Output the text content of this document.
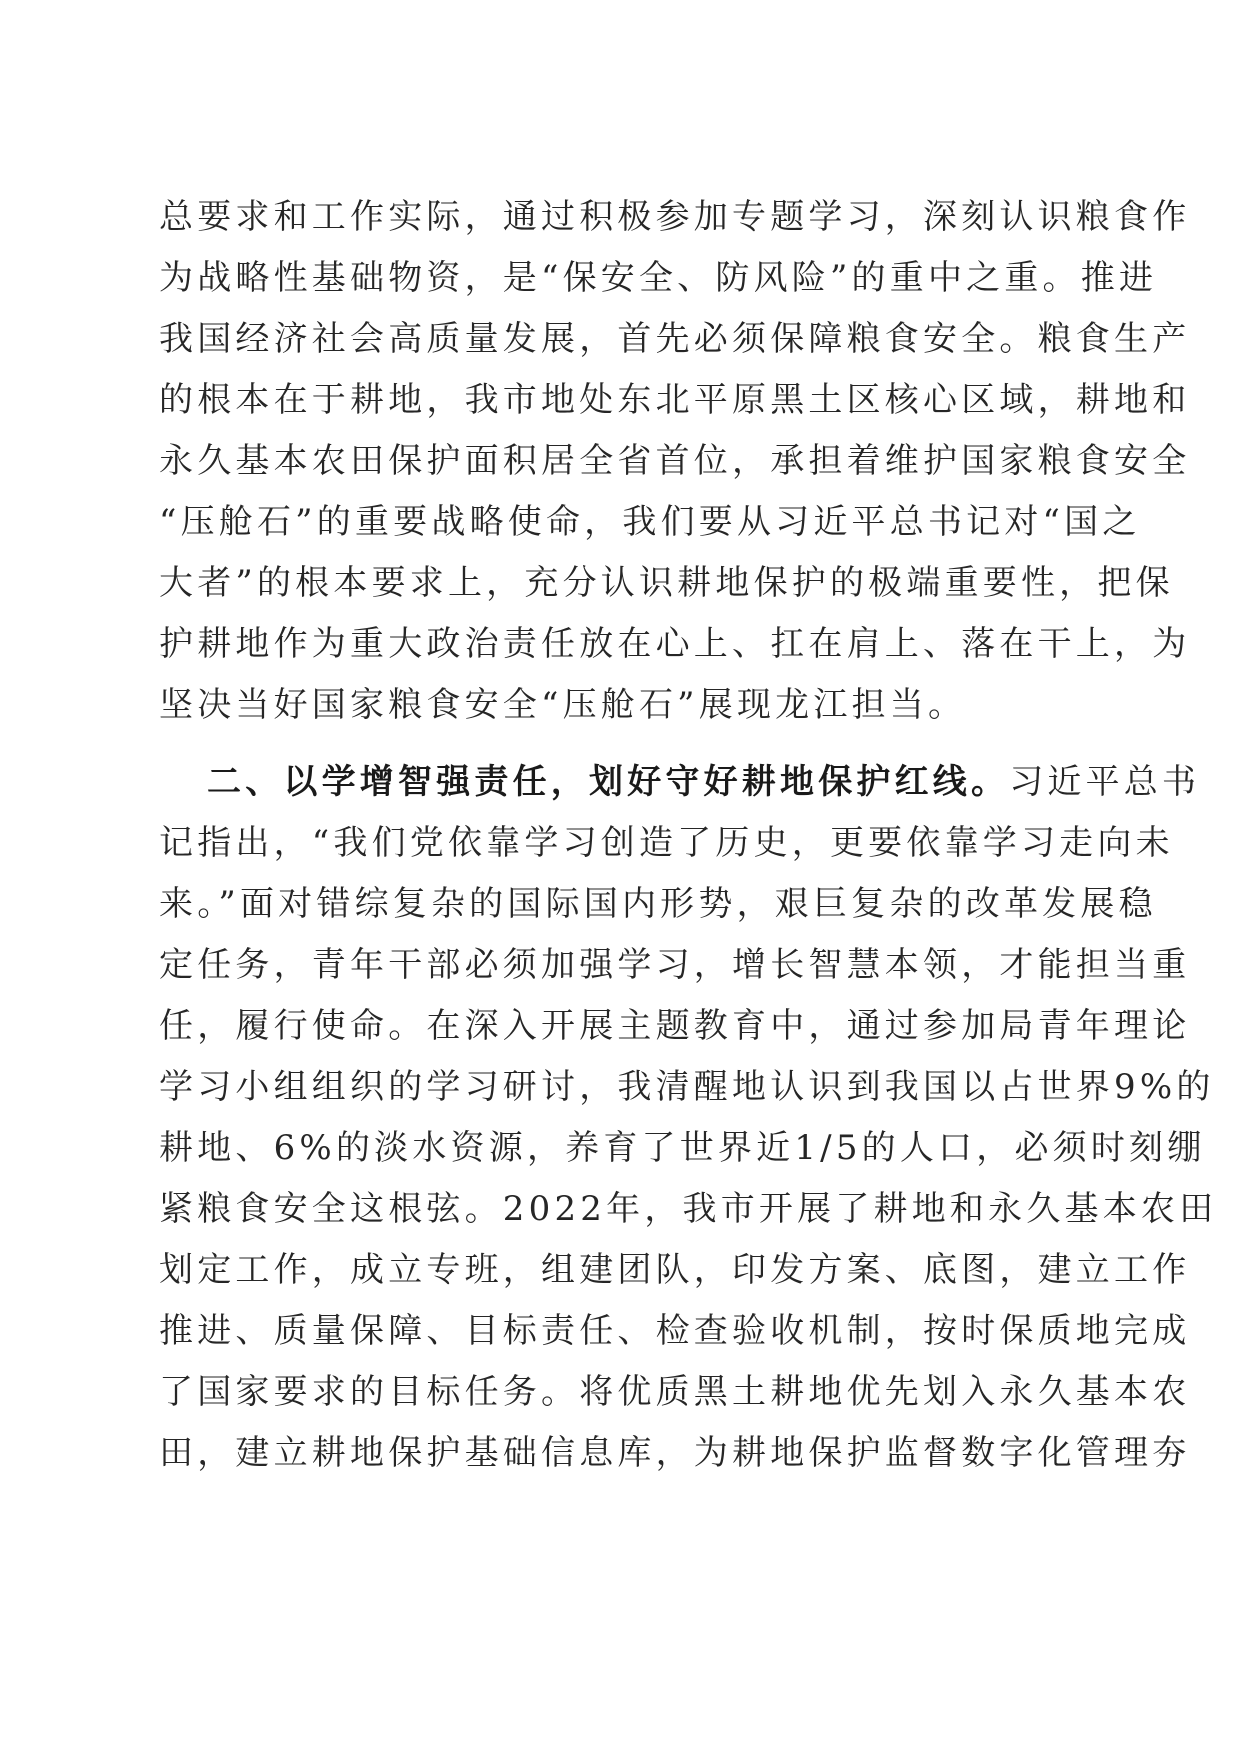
总要求和工作实际，通过积极参加专题学习，深刻认识粮食作
为战略性基础物资，是“保安全、防风险”的重中之重。推进
我国经济社会高质量发展，首先必须保障粮食安全。粮食生产
的根本在于耕地，我市地处东北平原黑土区核心区域，耕地和
永久基本农田保护面积居全省首位，承担着维护国家粮食安全
“压舱石”的重要战略使命，我们要从习近平总书记对“国之
大者”的根本要求上，充分认识耕地保护的极端重要性，把保
护耕地作为重大政治责任放在心上、扛在肩上、落在干上，为
坚决当好国家粮食安全“压舱石”展现龙江担当。
二、以学增智强责任，划好守好耕地保护红线。习近平总书
记指出，“我们党依靠学习创造了历史，更要依靠学习走向未
来。”面对错综复杂的国际国内形势，艰巨复杂的改革发展稳
定任务，青年干部必须加强学习，增长智慧本领，才能担当重
任，履行使命。在深入开展主题教育中，通过参加局青年理论
学习小组组织的学习研讨，我清醒地认识到我国以占世界9%的
耕地、6%的淡水资源，养育了世界近1/5的人口，必须时刻绷
紧粮食安全这根弦。2022年，我市开展了耕地和永久基本农田
划定工作，成立专班，组建团队，印发方案、底图，建立工作
推进、质量保障、目标责任、检查验收机制，按时保质地完成
了国家要求的目标任务。将优质黑土耕地优先划入永久基本农
田，建立耕地保护基础信息库，为耕地保护监督数字化管理夯
